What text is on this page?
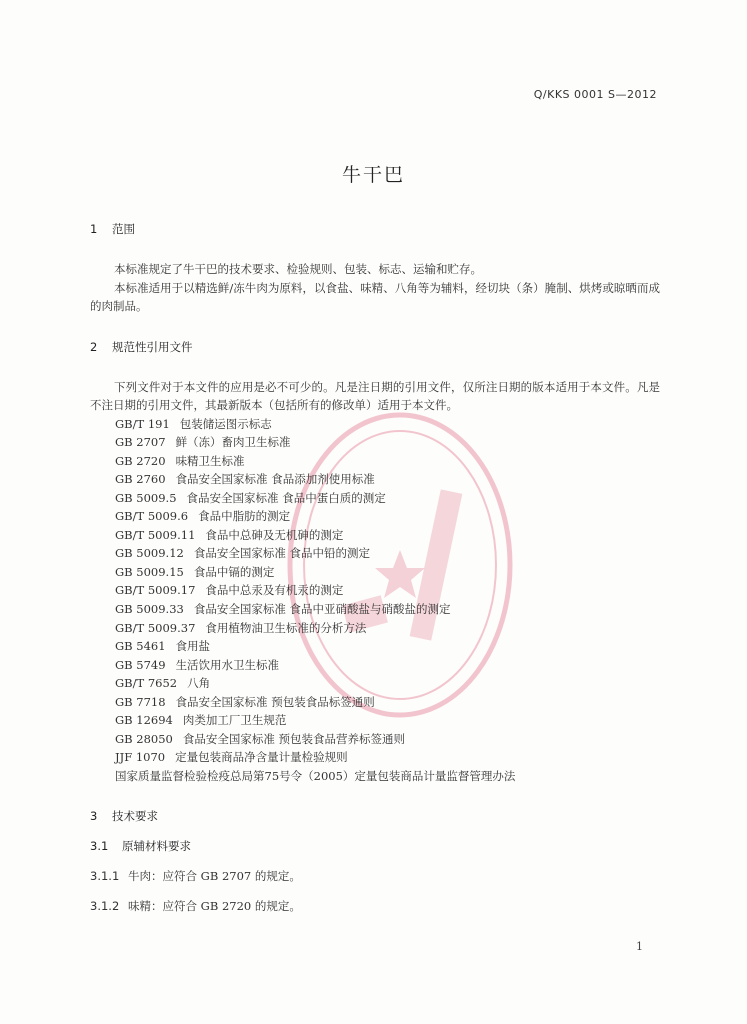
Q/KKS 0001 S—2012
牛干巴
1 范围

本标准规定了牛干巴的技术要求、检验规则、包装、标志、运输和贮存。

本标准适用于以精选鲜/冻牛肉为原料，以食盐、味精、八角等为辅料，经切块（条）腌制、烘烤或晾晒而成的肉制品。

2 规范性引用文件

下列文件对于本文件的应用是必不可少的。凡是注日期的引用文件，仅所注日期的版本适用于本文件。凡是不注日期的引用文件，其最新版本（包括所有的修改单）适用于本文件。

GB/T 191 包装储运图示标志
GB 2707 鲜（冻）畜肉卫生标准
GB 2720 味精卫生标准
GB 2760 食品安全国家标准 食品添加剂使用标准
GB 5009.5 食品安全国家标准 食品中蛋白质的测定
GB/T 5009.6 食品中脂肪的测定
GB/T 5009.11 食品中总砷及无机砷的测定
GB 5009.12 食品安全国家标准 食品中铅的测定
GB 5009.15 食品中镉的测定
GB/T 5009.17 食品中总汞及有机汞的测定
GB 5009.33 食品安全国家标准 食品中亚硝酸盐与硝酸盐的测定
GB/T 5009.37 食用植物油卫生标准的分析方法
GB 5461 食用盐
GB 5749 生活饮用水卫生标准
GB/T 7652 八角
GB 7718 食品安全国家标准 预包装食品标签通则
GB 12694 肉类加工厂卫生规范
GB 28050 食品安全国家标准 预包装食品营养标签通则
JJF 1070 定量包装商品净含量计量检验规则
国家质量监督检验检疫总局第75号令（2005）定量包装商品计量监督管理办法
3 技术要求
3.1 原辅材料要求

3.1.1 牛肉：应符合 GB 2707 的规定。

3.1.2 味精：应符合 GB 2720 的规定。

1
